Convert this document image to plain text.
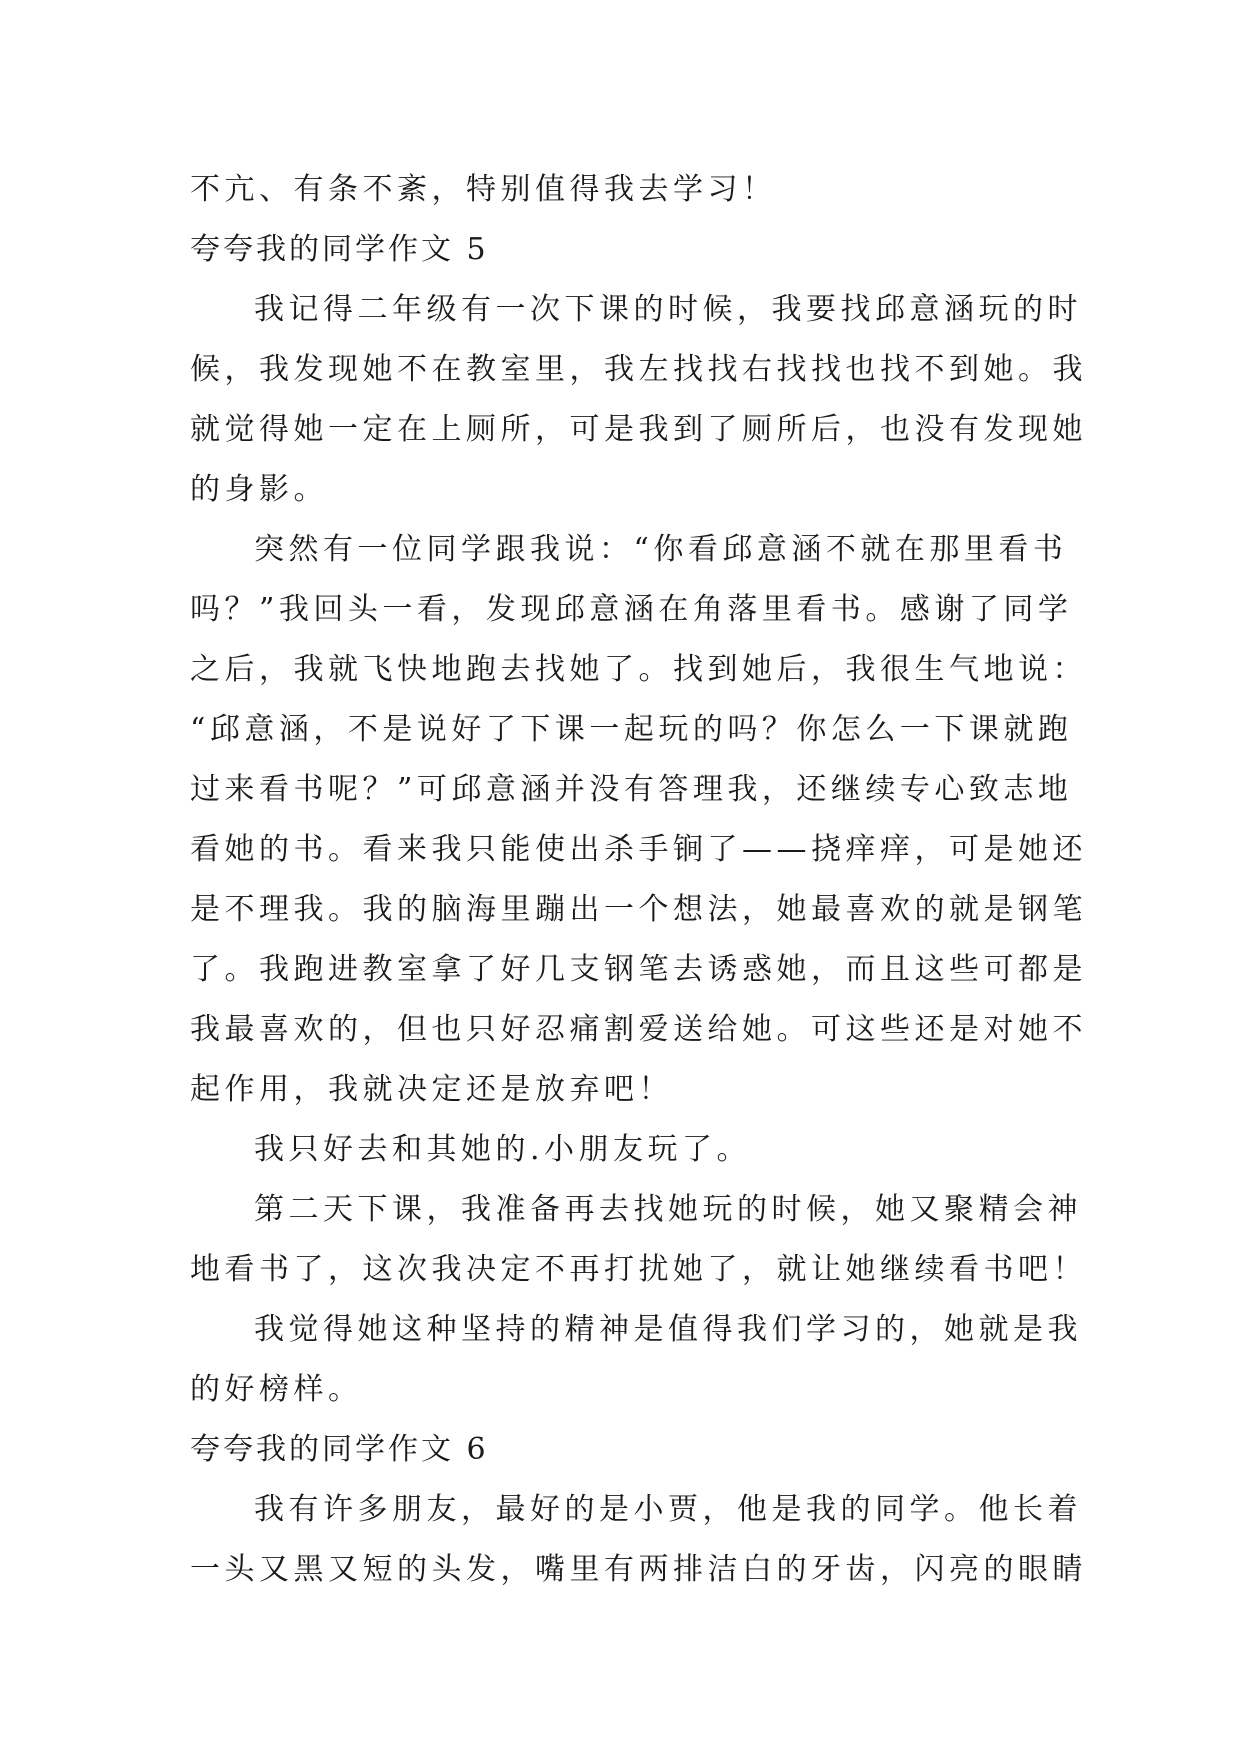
不亢、有条不紊，特别值得我去学习！
夸夸我的同学作文 5
我记得二年级有一次下课的时候，我要找邱意涵玩的时
候，我发现她不在教室里，我左找找右找找也找不到她。我
就觉得她一定在上厕所，可是我到了厕所后，也没有发现她
的身影。
突然有一位同学跟我说：“你看邱意涵不就在那里看书
吗？”我回头一看，发现邱意涵在角落里看书。感谢了同学
之后，我就飞快地跑去找她了。找到她后，我很生气地说：
“邱意涵，不是说好了下课一起玩的吗？你怎么一下课就跑
过来看书呢？”可邱意涵并没有答理我，还继续专心致志地
看她的书。看来我只能使出杀手锏了——挠痒痒，可是她还
是不理我。我的脑海里蹦出一个想法，她最喜欢的就是钢笔
了。我跑进教室拿了好几支钢笔去诱惑她，而且这些可都是
我最喜欢的，但也只好忍痛割爱送给她。可这些还是对她不
起作用，我就决定还是放弃吧！
我只好去和其她的.小朋友玩了。
第二天下课，我准备再去找她玩的时候，她又聚精会神
地看书了，这次我决定不再打扰她了，就让她继续看书吧！
我觉得她这种坚持的精神是值得我们学习的，她就是我
的好榜样。
夸夸我的同学作文 6
我有许多朋友，最好的是小贾，他是我的同学。他长着
一头又黑又短的头发，嘴里有两排洁白的牙齿，闪亮的眼睛
